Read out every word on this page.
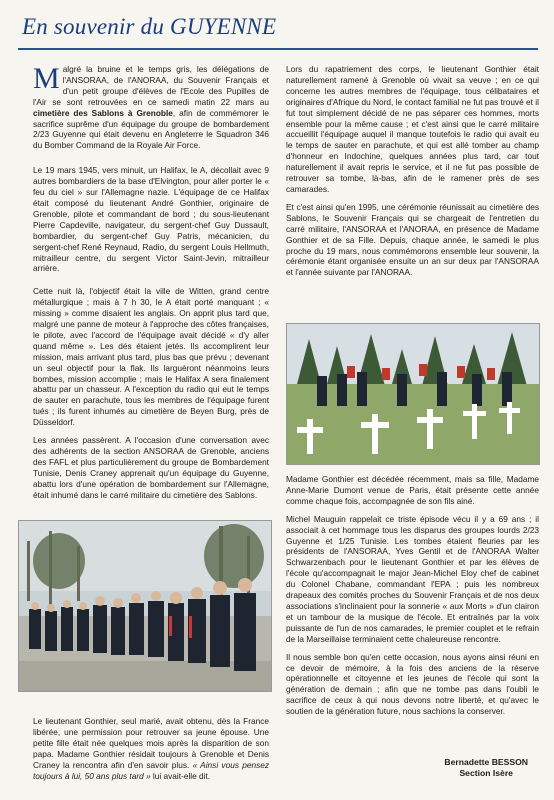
En souvenir du GUYENNE

Malgré la bruine et le temps gris, les délégations de l'ANSORAA, de l'ANORAA, du Souvenir Français et d'un petit groupe d'élèves de l'Ecole des Pupilles de l'Air se sont retrouvées en ce samedi matin 22 mars au cimetière des Sablons à Grenoble, afin de commémorer le sacrifice suprême d'un équipage du groupe de bombardement 2/23 Guyenne qui était devenu en Angleterre le Squadron 346 du Bomber Command de la Royale Air Force.

Le 19 mars 1945, vers minuit, un Halifax, le A, décollait avec 9 autres bombardiers de la base d'Elvington, pour aller porter le « feu du ciel » sur l'Allemagne nazie. L'équipage de ce Halifax était composé du lieutenant André Gonthier, originaire de Grenoble, pilote et commandant de bord ; du sous-lieutenant Pierre Capdeville, navigateur, du sergent-chef Guy Dussault, bombardier, du sergent-chef Guy Patris, mécanicien, du sergent-chef René Reynaud, Radio, du sergent Louis Hellmuth, mitrailleur centre, du sergent Victor Saint-Jevin, mitrailleur arrière.

Cette nuit là, l'objectif était la ville de Witten, grand centre métallurgique ; mais à 7 h 30, le A était porté manquant ; « missing » comme disaient les anglais. On apprit plus tard que, malgré une panne de moteur à l'approche des côtes françaises, le pilote, avec l'accord de l'équipage avait décidé « d'y aller quand même ». Les dés étaient jetés. Ils accomplirent leur mission, mais arrivant plus tard, plus bas que prévu ; devenant un seul objectif pour la flak. Ils larguèront néanmoins leurs bombes, mission accomplie ; mais le Halifax A sera finalement abattu par un chasseur. A l'exception du radio qui eut le temps de sauter en parachute, tous les membres de l'équipage furent tués ; ils furent inhumés au cimetière de Beyen Burg, près de Düsseldorf.

Les années passèrent. A l'occasion d'une conversation avec des adhérents de la section ANSORAA de Grenoble, anciens des FAFL et plus particulièrement du groupe de Bombardement Tunisie, Denis Craney apprenait qu'un équipage du Guyenne, abattu lors d'une opération de bombardement sur l'Allemagne, était inhumé dans le carré militaire du cimetière des Sablons.

Le lieutenant Gonthier, seul marié, avait obtenu, dès la France libérée, une permission pour retrouver sa jeune épouse. Une petite fille était née quelques mois après la disparition de son papa. Madame Gonthier résidait toujours à Grenoble et Denis Craney la rencontra afin d'en savoir plus. « Ainsi vous pensez toujours à lui, 50 ans plus tard » lui avait-elle dit.

Lors du rapatriement des corps, le lieutenant Gonthier était naturellement ramené à Grenoble où vivait sa veuve ; en ce qui concerne les autres membres de l'équipage, tous célibataires et originaires d'Afrique du Nord, le contact familial ne fut pas trouvé et il fut tout simplement décidé de ne pas séparer ces hommes, morts ensemble pour la même cause ; et c'est ainsi que le carré militaire accueillit l'équipage auquel il manque toutefois le radio qui avait eu le temps de sauter en parachute, et qui est allé tomber au champ d'honneur en Indochine, quelques années plus tard, car tout naturellement il avait repris le service, et il ne fut pas possible de retrouver sa tombe, là-bas, afin de le ramener près de ses camarades.

Et c'est ainsi qu'en 1995, une cérémonie réunissait au cimetière des Sablons, le Souvenir Français qui se chargeait de l'entretien du carré militaire, l'ANSORAA et l'ANORAA, en présence de Madame Gonthier et de sa Fille. Depuis, chaque année, le samedi le plus proche du 19 mars, nous commémorons ensemble leur souvenir, la cérémonie étant organisée ensuite un an sur deux par l'ANSORAA et l'année suivante par l'ANORAA.

Madame Gonthier est décédée récemment, mais sa fille, Madame Anne-Marie Dumont venue de Paris, était présente cette année comme chaque fois, accompagnée de son fils ainé.

Michel Mauguin rappelait ce triste épisode vécu il y a 69 ans ; il associait à cet hommage tous les disparus des groupes lourds 2/23 Guyenne et 1/25 Tunisie. Les tombes étaient fleuries par les présidents de l'ANSORAA, Yves Gentil et de l'ANORAA Walter Schwarzenbach pour le lieutenant Gonthier et par les élèves de l'école qu'accompagnait le major Jean-Michel Eloy chef de cabinet du Colonel Chabane, commandant l'EPA ; puis les nombreux drapeaux des comités proches du Souvenir Français et de nos deux associations s'inclinaient pour la sonnerie « aux Morts » d'un clairon et un tambour de la musique de l'école. Et entraînés par la voix puissante de l'un de nos camarades, le premier couplet et le refrain de la Marseillaise terminaient cette chaleureuse rencontre.

Il nous semble bon qu'en cette occasion, nous ayons ainsi réuni en ce devoir de mémoire, à la fois des anciens de la réserve opérationnelle et citoyenne et les jeunes de l'école qui sont la génération de demain ; afin que ne tombe pas dans l'oubli le sacrifice de ceux à qui nous devons notre liberté, et qu'avec le soutien de la génération future, nous sachions la conserver.

Bernadette BESSON
Section Isère
